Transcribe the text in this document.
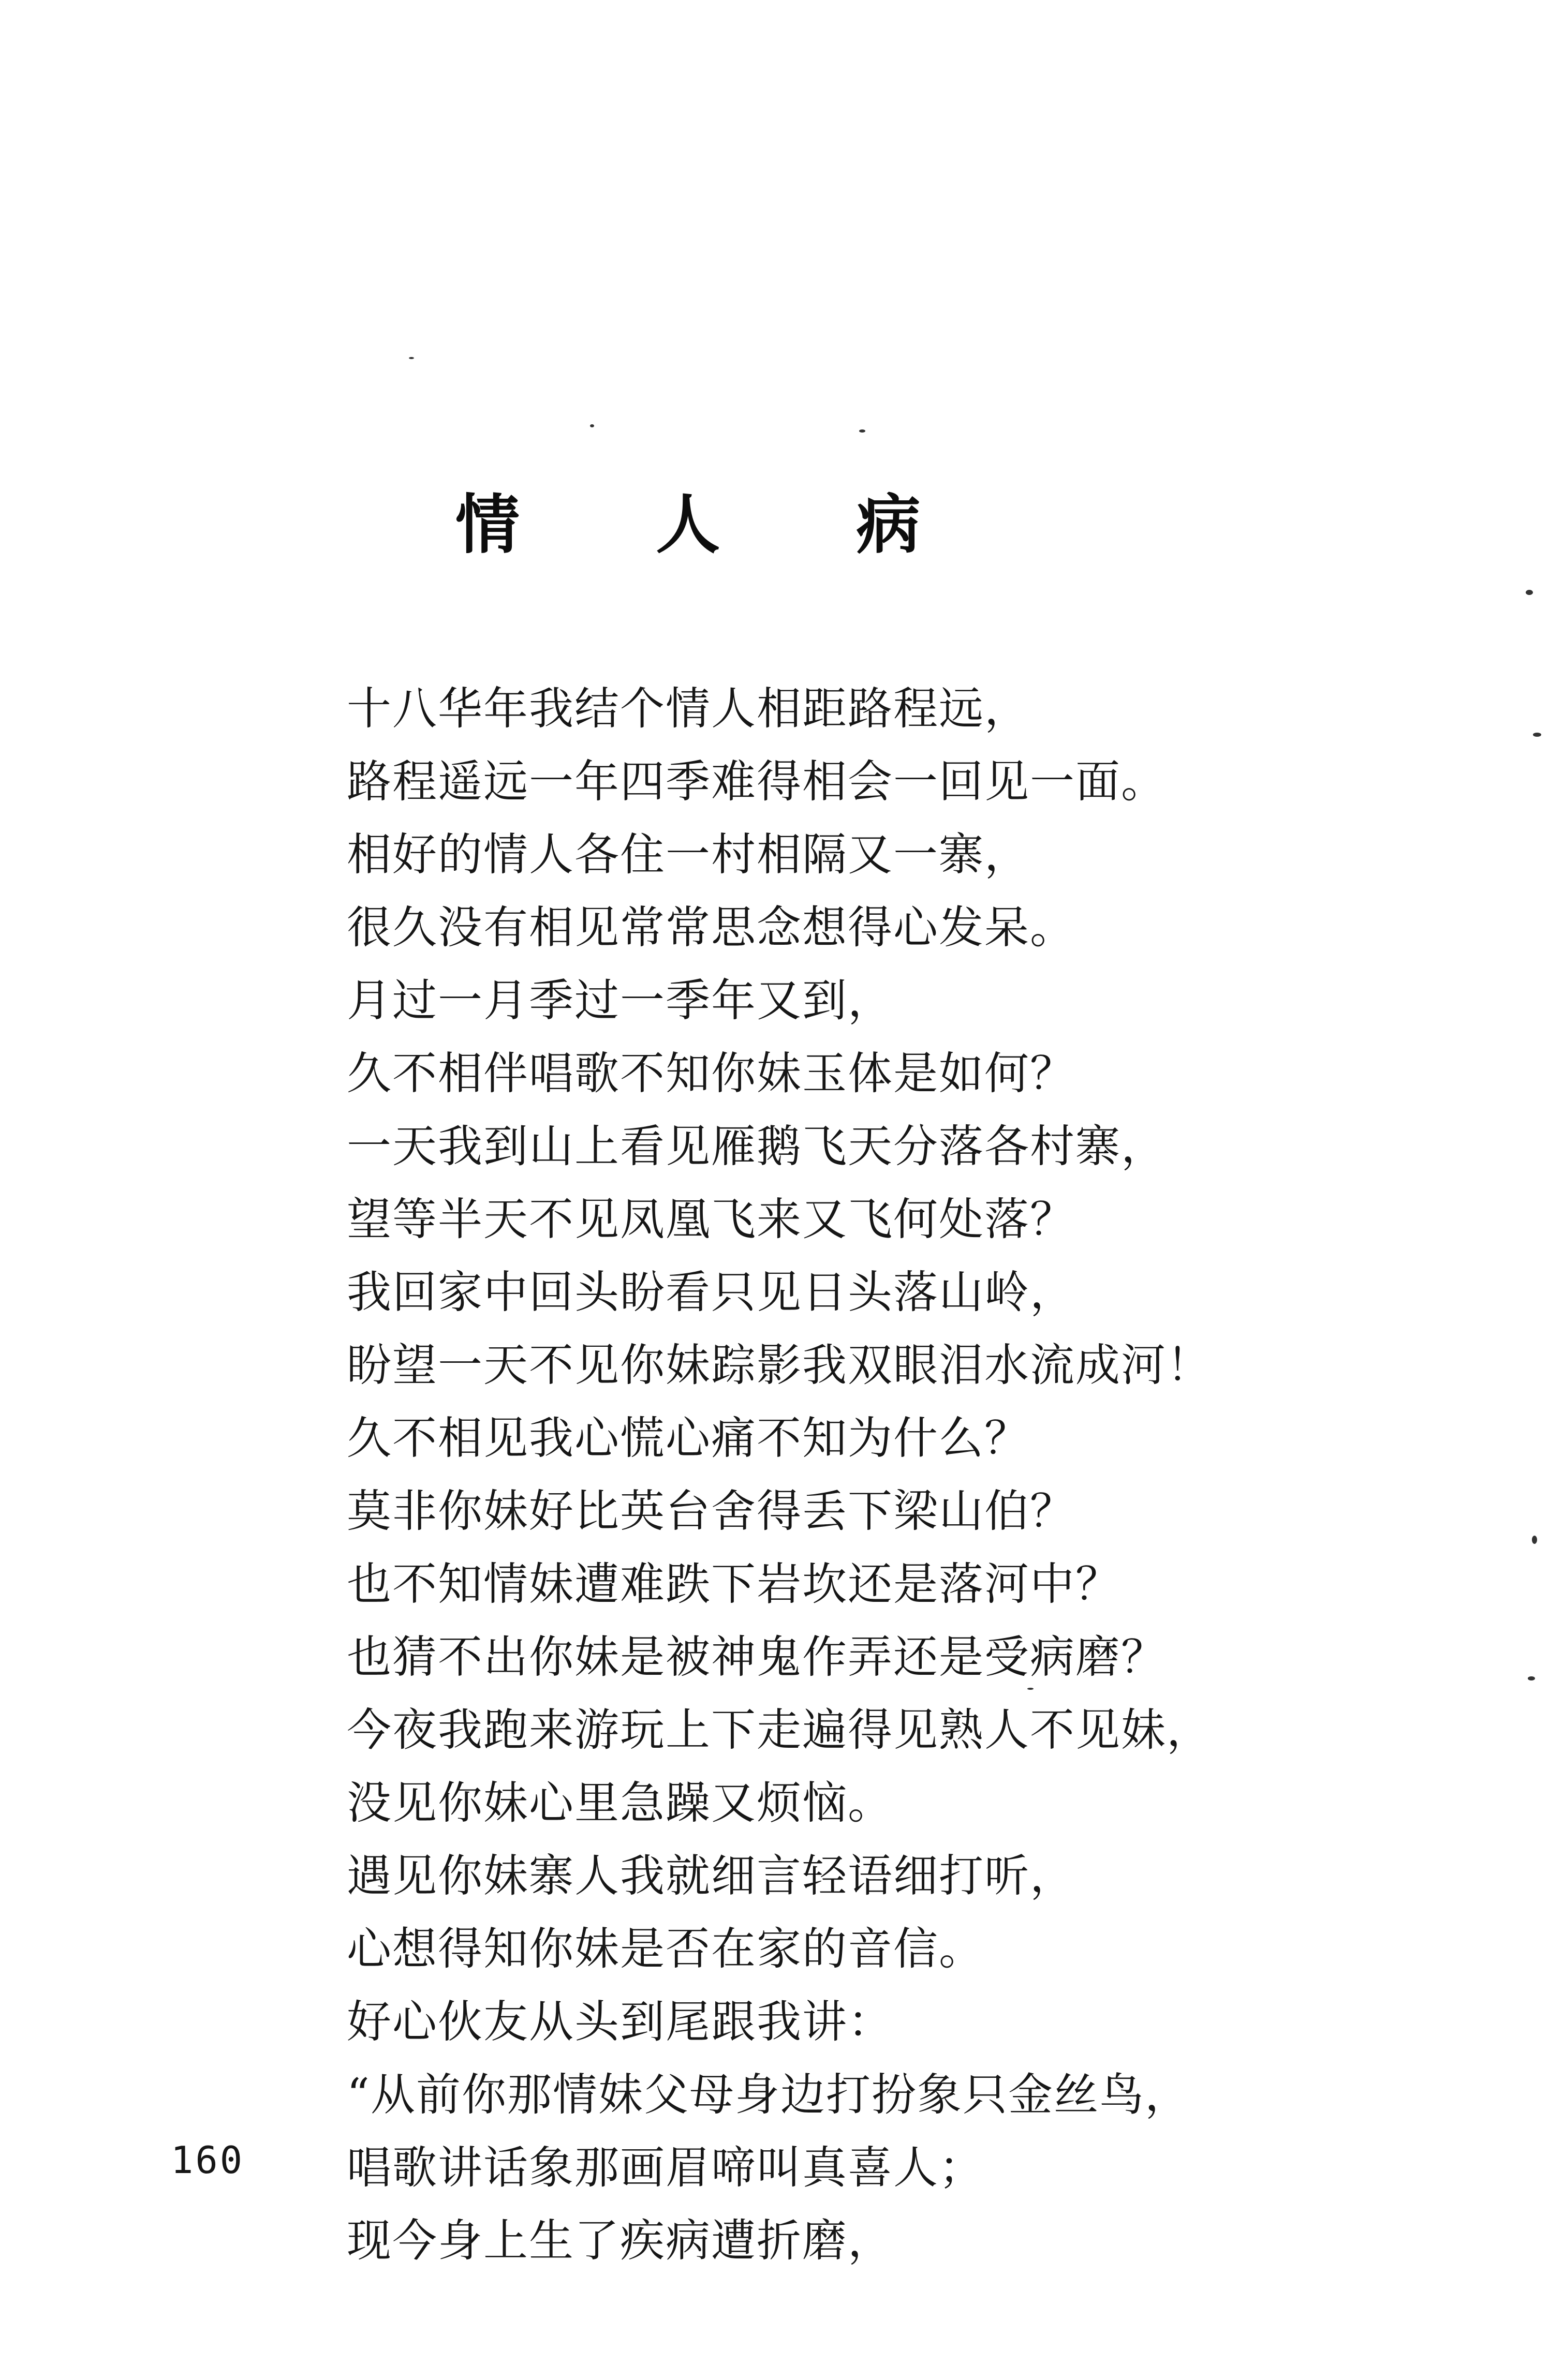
情 人 病
十八华年我结个情人相距路程远，
路程遥远一年四季难得相会一回见一面。
相好的情人各住一村相隔又一寨，
很久没有相见常常思念想得心发呆。
月过一月季过一季年又到，
久不相伴唱歌不知你妹玉体是如何？
一天我到山上看见雁鹅飞天分落各村寨，
望等半天不见凤凰飞来又飞何处落？
我回家中回头盼看只见日头落山岭，
盼望一天不见你妹踪影我双眼泪水流成河！
久不相见我心慌心痛不知为什么？
莫非你妹好比英台舍得丢下梁山伯？
也不知情妹遭难跌下岩坎还是落河中？
也猜不出你妹是被神鬼作弄还是受病磨？
今夜我跑来游玩上下走遍得见熟人不见妹，
没见你妹心里急躁又烦恼。
遇见你妹寨人我就细言轻语细打听，
心想得知你妹是否在家的音信。
好心伙友从头到尾跟我讲：
“从前你那情妹父母身边打扮象只金丝鸟，
唱歌讲话象那画眉啼叫真喜人；
现今身上生了疾病遭折磨，
160
